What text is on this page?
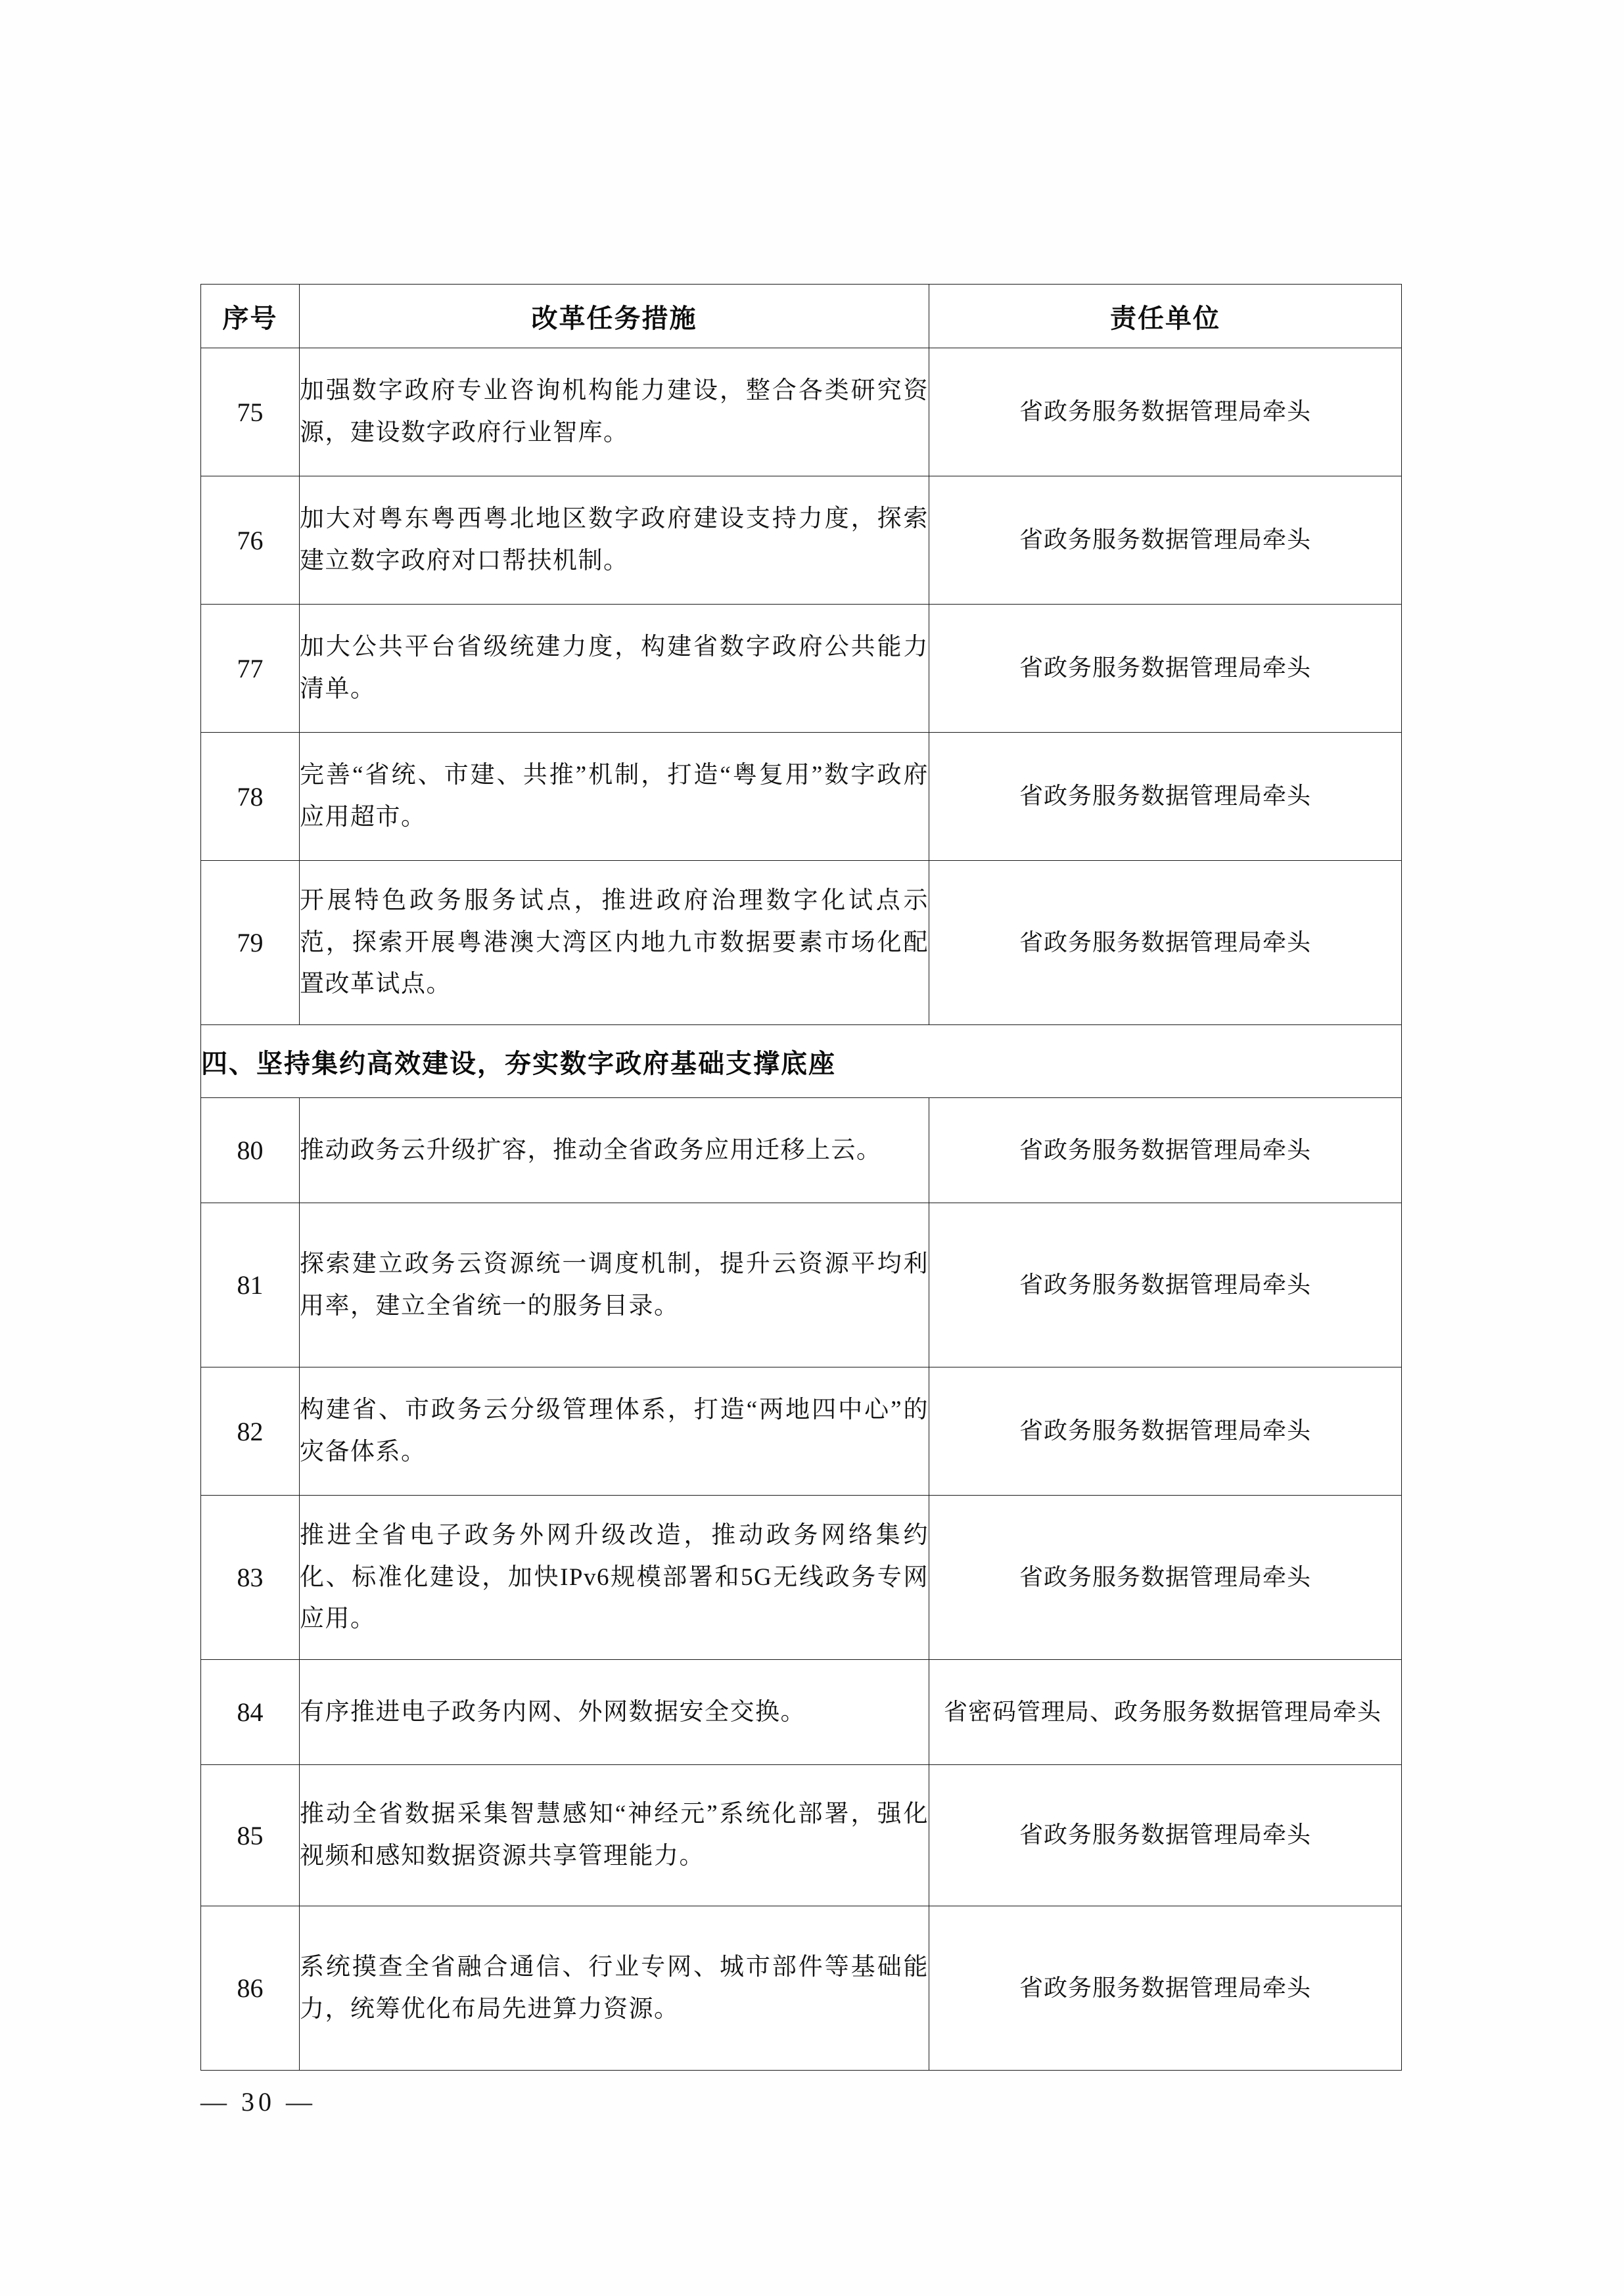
序号	改革任务措施	责任单位
75	加强数字政府专业咨询机构能力建设，整合各类研究资源，建设数字政府行业智库。	省政务服务数据管理局牵头
76	加大对粤东粤西粤北地区数字政府建设支持力度，探索建立数字政府对口帮扶机制。	省政务服务数据管理局牵头
77	加大公共平台省级统建力度，构建省数字政府公共能力清单。	省政务服务数据管理局牵头
78	完善“省统、市建、共推”机制，打造“粤复用”数字政府应用超市。	省政务服务数据管理局牵头
79	开展特色政务服务试点，推进政府治理数字化试点示范，探索开展粤港澳大湾区内地九市数据要素市场化配置改革试点。	省政务服务数据管理局牵头
四、坚持集约高效建设，夯实数字政府基础支撑底座		
80	推动政务云升级扩容，推动全省政务应用迁移上云。	省政务服务数据管理局牵头
81	探索建立政务云资源统一调度机制，提升云资源平均利用率，建立全省统一的服务目录。	省政务服务数据管理局牵头
82	构建省、市政务云分级管理体系，打造“两地四中心”的灾备体系。	省政务服务数据管理局牵头
83	推进全省电子政务外网升级改造，推动政务网络集约化、标准化建设，加快IPv6规模部署和5G无线政务专网应用。	省政务服务数据管理局牵头
84	有序推进电子政务内网、外网数据安全交换。	省密码管理局、政务服务数据管理局牵头
85	推动全省数据采集智慧感知“神经元”系统化部署，强化视频和感知数据资源共享管理能力。	省政务服务数据管理局牵头
86	系统摸查全省融合通信、行业专网、城市部件等基础能力，统筹优化布局先进算力资源。	省政务服务数据管理局牵头
— 30 —
